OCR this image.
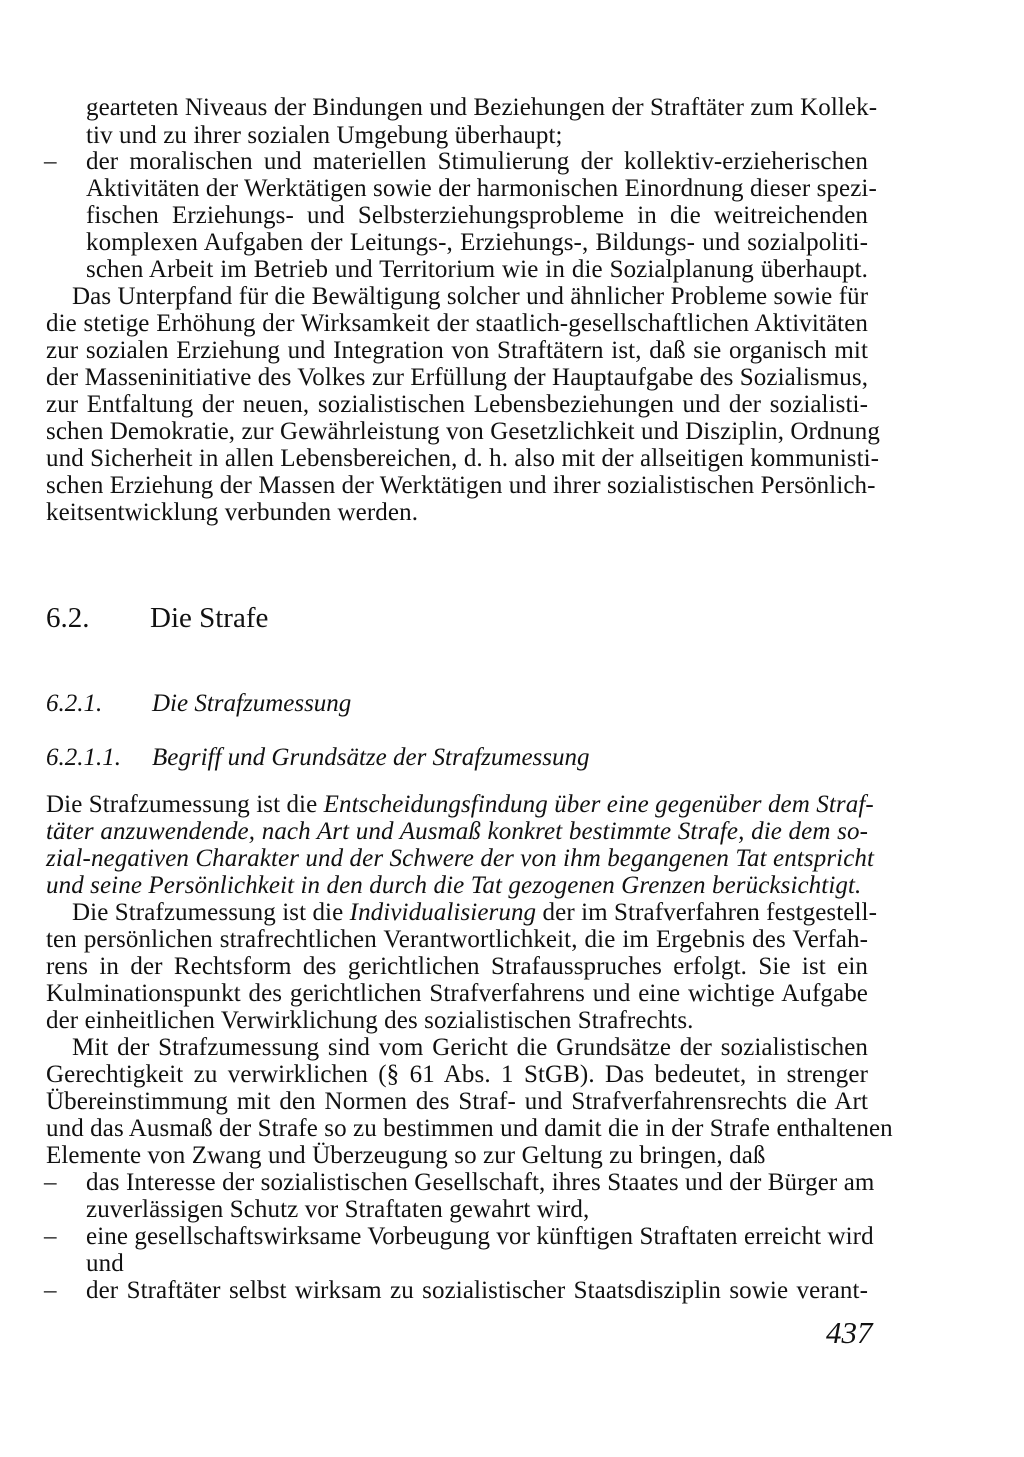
gearteten Niveaus der Bindungen und Beziehungen der Straftäter zum Kollek-
tiv und zu ihrer sozialen Umgebung überhaupt;
– der moralischen und materiellen Stimulierung der kollektiv-erzieherischen
Aktivitäten der Werktätigen sowie der harmonischen Einordnung dieser spezi-
fischen Erziehungs- und Selbsterziehungsprobleme in die weitreichenden
komplexen Aufgaben der Leitungs-, Erziehungs-, Bildungs- und sozialpoliti-
schen Arbeit im Betrieb und Territorium wie in die Sozialplanung überhaupt.
Das Unterpfand für die Bewältigung solcher und ähnlicher Probleme sowie für
die stetige Erhöhung der Wirksamkeit der staatlich-gesellschaftlichen Aktivitäten
zur sozialen Erziehung und Integration von Straftätern ist, daß sie organisch mit
der Masseninitiative des Volkes zur Erfüllung der Hauptaufgabe des Sozialismus,
zur Entfaltung der neuen, sozialistischen Lebensbeziehungen und der sozialisti-
schen Demokratie, zur Gewährleistung von Gesetzlichkeit und Disziplin, Ordnung
und Sicherheit in allen Lebensbereichen, d. h. also mit der allseitigen kommunisti-
schen Erziehung der Massen der Werktätigen und ihrer sozialistischen Persönlich-
keitsentwicklung verbunden werden.
6.2. Die Strafe
6.2.1. Die Strafzumessung
6.2.1.1. Begriff und Grundsätze der Strafzumessung
Die Strafzumessung ist die Entscheidungsfindung über eine gegenüber dem Straf-
täter anzuwendende, nach Art und Ausmaß konkret bestimmte Strafe, die dem so-
zial-negativen Charakter und der Schwere der von ihm begangenen Tat entspricht
und seine Persönlichkeit in den durch die Tat gezogenen Grenzen berücksichtigt.
Die Strafzumessung ist die Individualisierung der im Strafverfahren festgestell-
ten persönlichen strafrechtlichen Verantwortlichkeit, die im Ergebnis des Verfah-
rens in der Rechtsform des gerichtlichen Strafausspruches erfolgt. Sie ist ein
Kulminationspunkt des gerichtlichen Strafverfahrens und eine wichtige Aufgabe
der einheitlichen Verwirklichung des sozialistischen Strafrechts.
Mit der Strafzumessung sind vom Gericht die Grundsätze der sozialistischen
Gerechtigkeit zu verwirklichen (§ 61 Abs. 1 StGB). Das bedeutet, in strenger
Übereinstimmung mit den Normen des Straf- und Strafverfahrensrechts die Art
und das Ausmaß der Strafe so zu bestimmen und damit die in der Strafe enthaltenen
Elemente von Zwang und Überzeugung so zur Geltung zu bringen, daß
– das Interesse der sozialistischen Gesellschaft, ihres Staates und der Bürger am
zuverlässigen Schutz vor Straftaten gewahrt wird,
– eine gesellschaftswirksame Vorbeugung vor künftigen Straftaten erreicht wird
und
– der Straftäter selbst wirksam zu sozialistischer Staatsdisziplin sowie verant-
437
